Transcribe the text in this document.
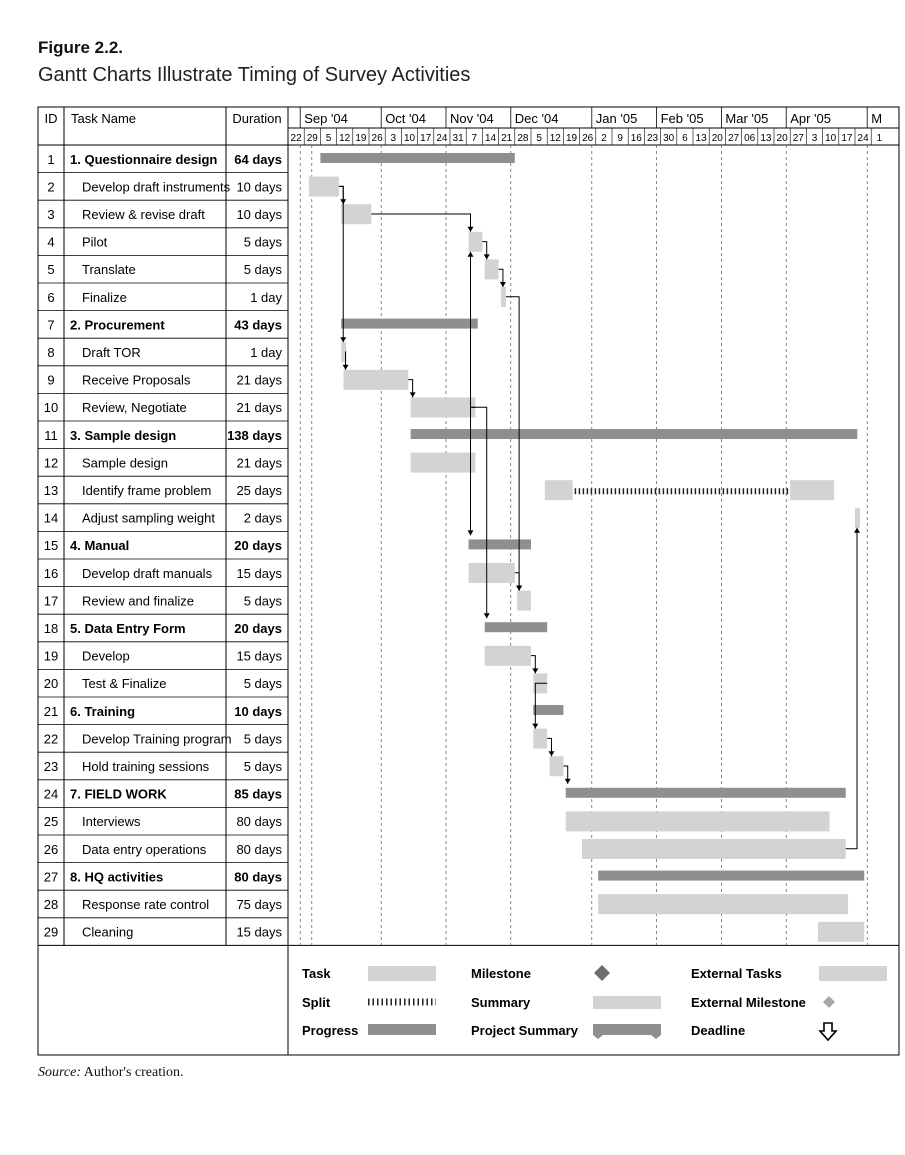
Figure 2.2.
Gantt Charts Illustrate Timing of Survey Activities
ID Task Name	Duration
22 29 5 12 19 26 3 10 17 24 31 7 14 21 28 5 12 19 26 2 9 16 23 30 6 13 20 27 06 13 20 27 3 10 17 24 1
Sep '04	Oct '04 Nov '04 Dec '04	Jan '05 Feb '05 Mar '05 Apr '05	M
1 1. Questionnaire design 64 days
2 Develop draft instruments 10 days
3 Review & revise draft 10 days
4 Pilot	5 days
5 Translate	5 days
6 Finalize	1 day
7 2. Procurement	43 days
8 Draft TOR	1 day
9 Receive Proposals	21 days
10 Review, Negotiate	21 days
11 3. Sample design	138 days
12 Sample design	21 days
13 Identify frame problem 25 days
14 Adjust sampling weight 2 days
15 4. Manual	20 days
16 Develop draft manuals 15 days
17 Review and finalize	5 days
18 5. Data Entry Form	20 days
19 Develop	15 days
20 Test & Finalize	5 days
21 6. Training	10 days
22 Develop Training program 5 days
23 Hold training sessions	5 days
24 7. FIELD WORK	85 days
25 Interviews	80 days
26 Data entry operations 80 days
27 8. HQ activities	80 days
28 Response rate control 75 days
29 Cleaning	15 days
Task
Split
Progress
Milestone
Summary
Project Summary
External Tasks
External Milestone
Deadline
Source: Author's creation.
